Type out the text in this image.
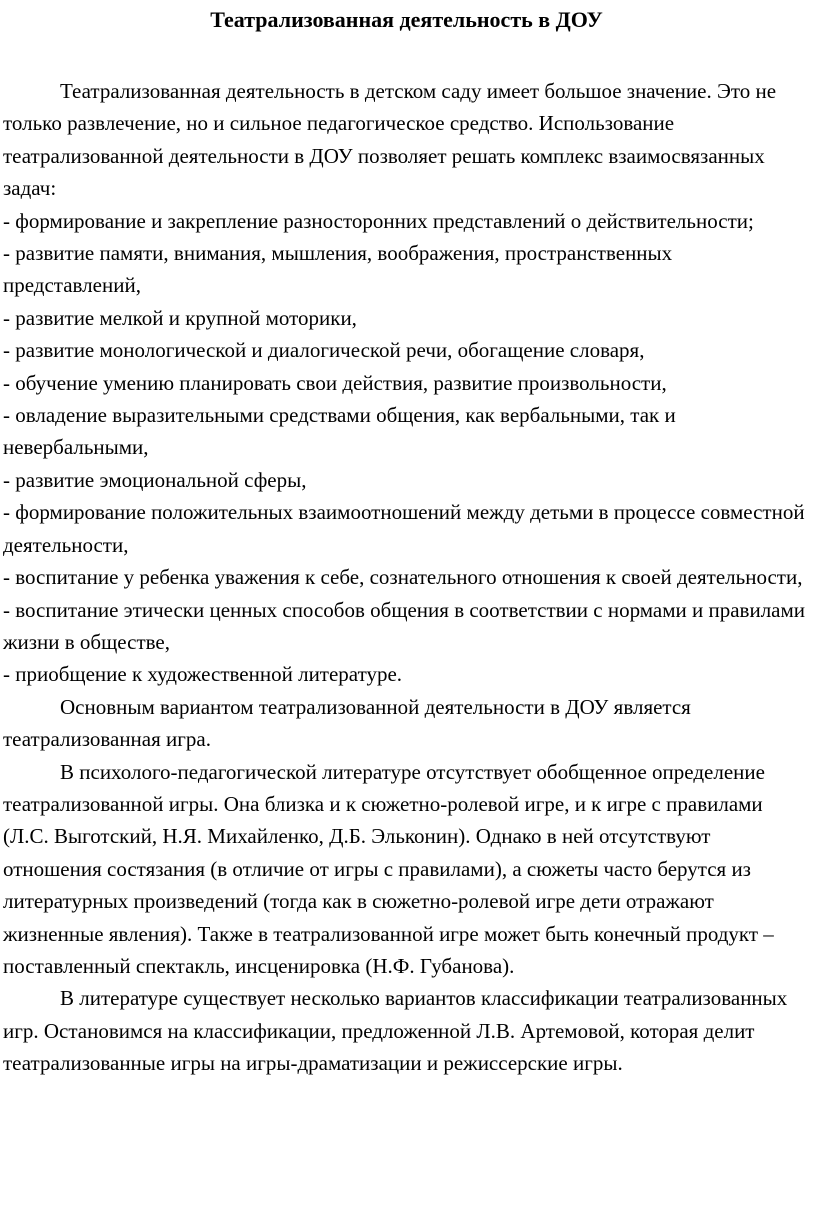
Театрализованная деятельность в ДОУ

Театрализованная деятельность в детском саду имеет большое значение. Это не только развлечение, но и сильное педагогическое средство. Использование театрализованной деятельности в ДОУ позволяет решать комплекс взаимосвязанных задач:

- формирование и закрепление разносторонних представлений о действительности;
- развитие памяти, внимания, мышления, воображения, пространственных представлений,
- развитие мелкой и крупной моторики,
- развитие монологической и диалогической речи, обогащение словаря,
- обучение умению планировать свои действия, развитие произвольности,
- овладение выразительными средствами общения, как вербальными, так и невербальными,
- развитие эмоциональной сферы,
- формирование положительных взаимоотношений между детьми в процессе совместной деятельности,
- воспитание у ребенка уважения к себе, сознательного отношения к своей деятельности,
- воспитание этически ценных способов общения в соответствии с нормами и правилами жизни в обществе,
- приобщение к художественной литературе.

Основным вариантом театрализованной деятельности в ДОУ является театрализованная игра.

В психолого-педагогической литературе отсутствует обобщенное определение театрализованной игры. Она близка и к сюжетно-ролевой игре, и к игре с правилами (Л.С. Выготский, Н.Я. Михайленко, Д.Б. Эльконин). Однако в ней отсутствуют отношения состязания (в отличие от игры с правилами), а сюжеты часто берутся из литературных произведений (тогда как в сюжетно-ролевой игре дети отражают жизненные явления). Также в театрализованной игре может быть конечный продукт – поставленный спектакль, инсценировка (Н.Ф. Губанова).

В литературе существует несколько вариантов классификации театрализованных игр. Остановимся на классификации, предложенной Л.В. Артемовой, которая делит театрализованные игры на игры-драматизации и режиссерские игры.
